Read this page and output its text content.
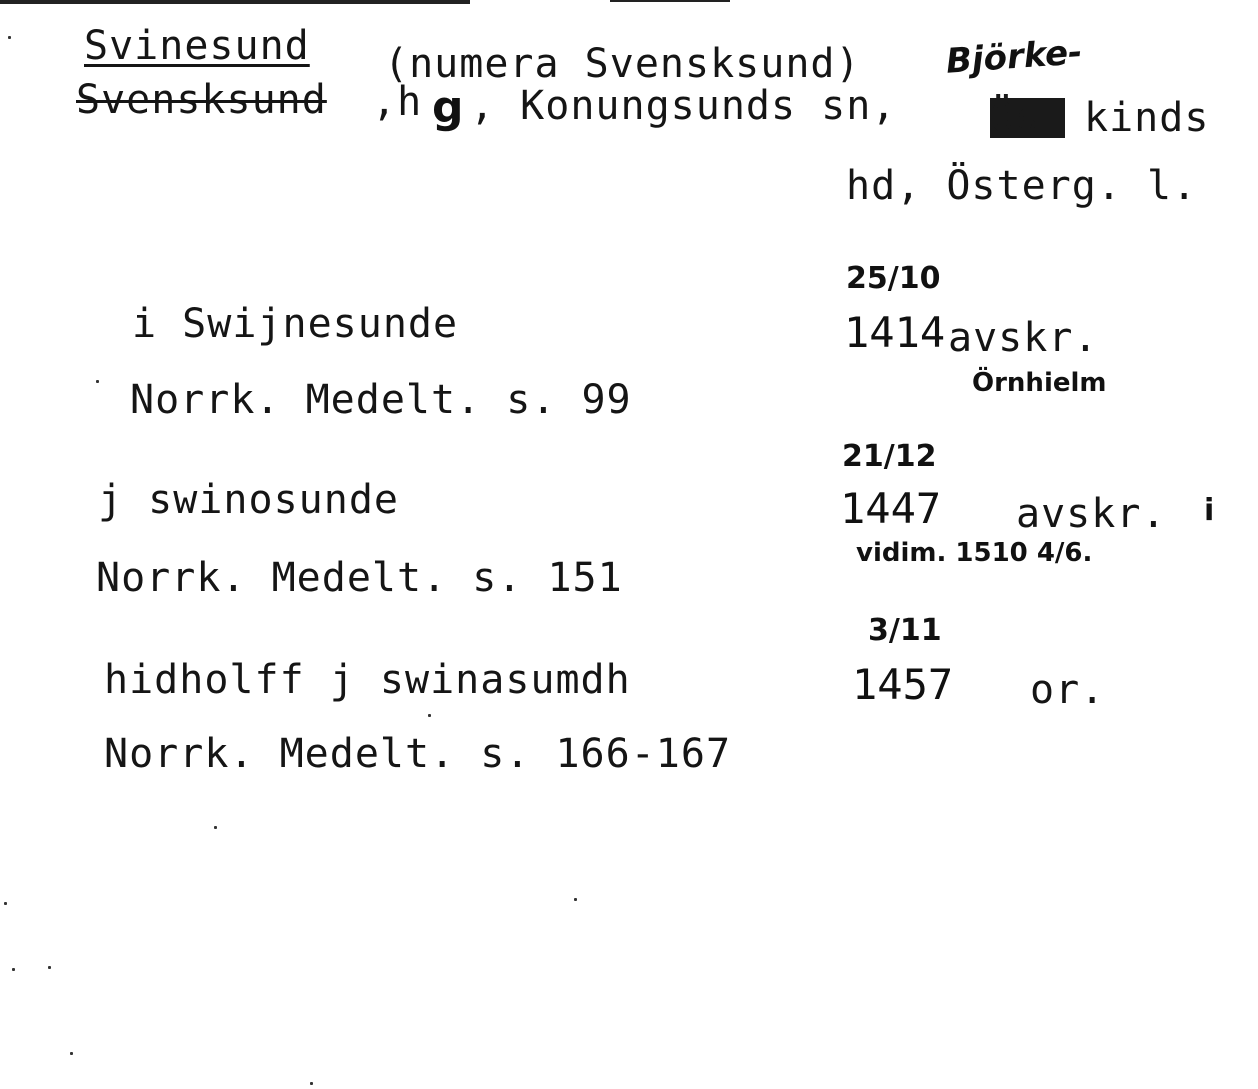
Svinesund (numera Svensksund) Björke-
Svensksund ,h g , Konungsunds sn, Öst kinds
hd, Österg. l.
25/10
i Swijnesunde	1414 avskr.
Örnhielm
Norrk. Medelt. s. 99
21/12
j swinosunde	1447 avskr. i
vidim. 1510 4/6.
Norrk. Medelt. s. 151
3/11
hidholff j swinasumdh	1457 or.
Norrk. Medelt. s. 166-167
